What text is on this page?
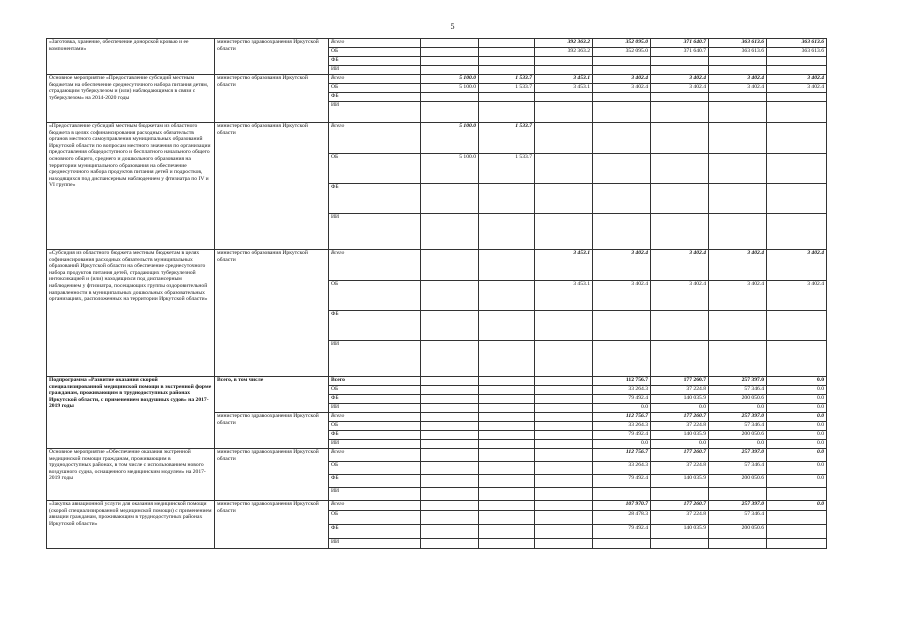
5
«Заготовка, хранение, обеспечение донорской кровью и ее компонентами»	министерство здравоохранения Иркутской области	Всего			392 363.2	352 095.0	371 640.7	363 613.6	363 613.6
		ОБ			392 363.2	352 095.0	371 640.7	363 613.6	363 613.6
		ФБ							
		ИИ							
Основное мероприятие «Предоставление субсидий местным бюджетам на обеспечение среднесуточного набора питания детям, страдающим туберкулезом и (или) наблюдающимся в связи с туберкулезом» на 2014-2020 годы	министерство образования Иркутской области	Всего	5 100.0	1 533.7	3 453.1	3 402.4	3 402.4	3 402.4	3 402.4
		ОБ	5 100.0	1 533.7	3 453.1	3 402.4	3 402.4	3 402.4	3 402.4
		ФБ							
		ИИ							
«Предоставление субсидий местным бюджетам из областного бюджета в целях софинансирования расходных обязательств органов местного самоуправления муниципальных образований Иркутской области по вопросам местного значения по организации предоставления общедоступного и бесплатного начального общего основного общего, среднего и дошкольного образования на территории муниципального образования на обеспечение среднесуточного набора продуктов питания детей и подростков, находящихся под диспансерным наблюдением у фтизиатра по IV и VI группе»	министерство образования Иркутской области	Всего	5 100.0	1 533.7					
		ОБ	5 100.0	1 533.7					
		ФБ							
		ИИ							
«Субсидия из областного бюджета местным бюджетам в целях софинансирования расходных обязательств муниципальных образований Иркутской области на обеспечение среднесуточного набора продуктов питания детей, страдающих туберкулезной интоксикацией и (или) находящихся под диспансерным наблюдением у фтизиатра, посещающих группы оздоровительной направленности в муниципальных дошкольных образовательных организациях, расположенных на территории Иркутской области»	министерство образования Иркутской области	Всего			3 453.1	3 402.4	3 402.4	3 402.4	3 402.4
		ОБ			3 453.1	3 402.4	3 402.4	3 402.4	3 402.4
		ФБ							
		ИИ							
Подпрограмма «Развитие оказания скорой специализированной медицинской помощи в экстренной форме гражданам, проживающим в труднодоступных районах Иркутской области, с применением воздушных судов» на 2017-2019 годы	Всего, в том числе	Всего				112 756.7	177 260.7	257 397.0	0.0
		ОБ				33 264.3	37 224.8	57 346.4	0.0
		ФБ				79 492.4	140 035.9	200 050.6	0.0
		ИИ				0.0	0.0	0.0	0.0
	министерство здравоохранения Иркутской области	Всего				112 756.7	177 260.7	257 397.0	0.0
		ОБ				33 264.3	37 224.8	57 346.4	0.0
		ФБ				79 492.4	140 035.9	200 050.6	0.0
		ИИ				0.0	0.0	0.0	0.0
Основное мероприятие «Обеспечение оказания экстренной медицинской помощи гражданам, проживающим в труднодоступных районах, в том числе с использованием нового воздушного судна, оснащенного медицинским модулем» на 2017-2019 годы	министерство здравоохранения Иркутской области	Всего				112 756.7	177 260.7	257 397.0	0.0
		ОБ				33 264.3	37 224.8	57 346.4	0.0
		ФБ				79 492.4	140 035.9	200 050.6	0.0
		ИИ							
«Закупка авиационной услуги для оказания медицинской помощи (скорой специализированной медицинской помощи) с применением авиации гражданам, проживающим в труднодоступных районах Иркутской области»	министерство здравоохранения Иркутской области	Всего				107 970.7	177 260.7	257 397.0	0.0
		ОБ				28 478.3	37 224.8	57 346.4	
		ФБ				79 492.4	140 035.9	200 050.6	
		ИИ							
